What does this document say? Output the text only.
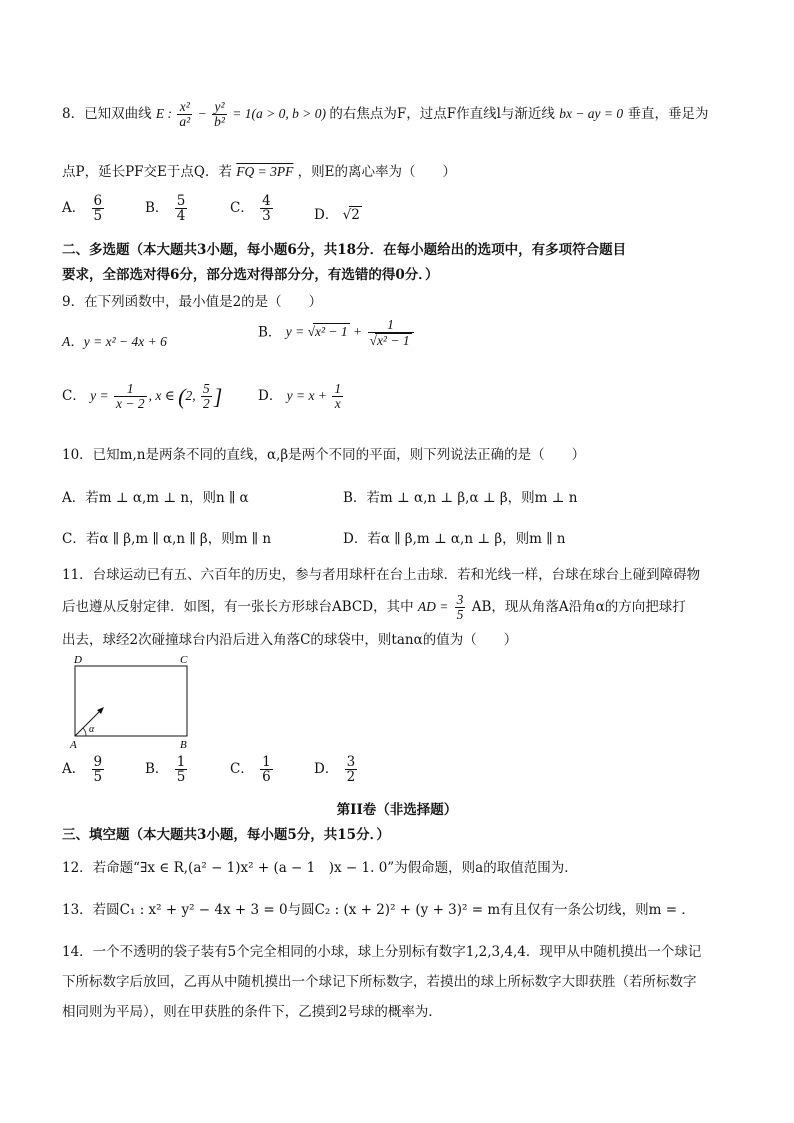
8．已知双曲线 E : $\frac{\text{x²}}{\text{a²}} - \frac{\text{y²}}{\text{b²}} = 1(a > 0$, b > 0) 的右焦点为F，过点F作直线l与渐近线 bx − ay = 0 垂直，垂足为
点P，延长PF交E于点Q．若 FQ = 3PF ，则E的离心率为（　　）
A． $\frac{6}{5}$	B． $\frac{5}{4}$	C． $\frac{4}{3}$	D． √2
二、多选题（本大题共3小题，每小题6分，共18分．在每小题给出的选项中，有多项符合题目
要求，全部选对得6分，部分选对得部分分，有选错的得0分．）
9．在下列函数中，最小值是2的是（　　）
A．y = x² − 4x + 6
B． $y = √x^2 - 1 + \frac{1}{\text{√x² − 1}}$
C． $y = \frac{1}{x - 2}$ , x ∈ (2, $\frac{5}{2}$ ]	D． $y = x + \frac{1}{x}$
10．已知m,n是两条不同的直线，α,β是两个不同的平面，则下列说法正确的是（　　）
A．若m ⊥ α,m ⊥ n，则n ∥ α	B．若m ⊥ α,n ⊥ β,α ⊥ β，则m ⊥ n
C．若α ∥ β,m ∥ α,n ∥ β，则m ∥ n	D．若α ∥ β,m ⊥ α,n ⊥ β，则m ∥ n
11．台球运动已有五、六百年的历史，参与者用球杆在台上击球．若和光线一样，台球在球台上碰到障碍物
后也遵从反射定律．如图，有一张长方形球台ABCD，其中 AD = $\frac{3}{5}$ AB，现从角落A沿角α的方向把球打
出去，球经2次碰撞球台内沿后进入角落C的球袋中，则tanα的值为（　　）
α
D	C
A	B
A． $\frac{9}{5}$	B． $\frac{1}{5}$	C． $\frac{1}{6}$	D． $\frac{3}{2}$
第II卷（非选择题）
三、填空题（本大题共3小题，每小题5分，共15分．）
12．若命题“∃x ∈ R,(a² − 1)x² + (a − 1　)x − 1. 0”为假命题，则a的取值范围为．
13．若圆C₁ : x² + y² − 4x + 3 = 0与圆C₂ : (x + 2)² + (y + 3)² = m有且仅有一条公切线，则m = ．
14．一个不透明的袋子装有5个完全相同的小球，球上分别标有数字1,2,3,4,4．现甲从中随机摸出一个球记
下所标数字后放回，乙再从中随机摸出一个球记下所标数字，若摸出的球上所标数字大即获胜（若所标数字
相同则为平局），则在甲获胜的条件下，乙摸到2号球的概率为．
